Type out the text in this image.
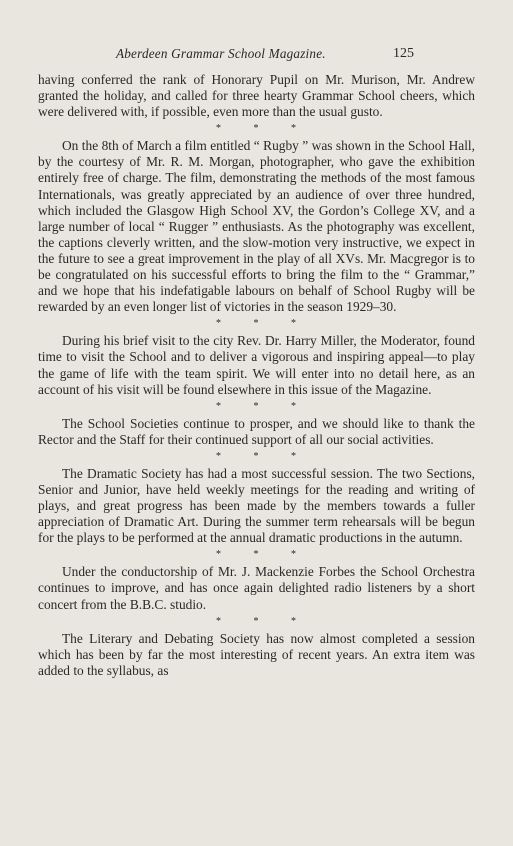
Aberdeen Grammar School Magazine.	125

having conferred the rank of Honorary Pupil on Mr. Murison, Mr. Andrew granted the holiday, and called for three hearty Grammar School cheers, which were delivered with, if possible, even more than the usual gusto.

* * *

On the 8th of March a film entitled “ Rugby ” was shown in the School Hall, by the courtesy of Mr. R. M. Morgan, photographer, who gave the exhibition entirely free of charge. The film, demonstrating the methods of the most famous Internationals, was greatly appreciated by an audience of over three hundred, which included the Glasgow High School XV, the Gordon’s College XV, and a large number of local “ Rugger ” enthusiasts. As the photography was excellent, the captions cleverly written, and the slow-motion very instructive, we expect in the future to see a great improvement in the play of all XVs. Mr. Macgregor is to be congratulated on his successful efforts to bring the film to the “ Grammar,” and we hope that his indefatigable labours on behalf of School Rugby will be rewarded by an even longer list of victories in the season 1929–30.

* * *

During his brief visit to the city Rev. Dr. Harry Miller, the Moderator, found time to visit the School and to deliver a vigorous and inspiring appeal—to play the game of life with the team spirit. We will enter into no detail here, as an account of his visit will be found elsewhere in this issue of the Magazine.

* * *

The School Societies continue to prosper, and we should like to thank the Rector and the Staff for their continued support of all our social activities.

* * *

The Dramatic Society has had a most successful session. The two Sections, Senior and Junior, have held weekly meetings for the reading and writing of plays, and great progress has been made by the members towards a fuller appreciation of Dramatic Art. During the summer term rehearsals will be begun for the plays to be performed at the annual dramatic productions in the autumn.

* * *

Under the conductorship of Mr. J. Mackenzie Forbes the School Orchestra continues to improve, and has once again delighted radio listeners by a short concert from the B.B.C. studio.

* * *

The Literary and Debating Society has now almost completed a session which has been by far the most interesting of recent years. An extra item was added to the syllabus, as
